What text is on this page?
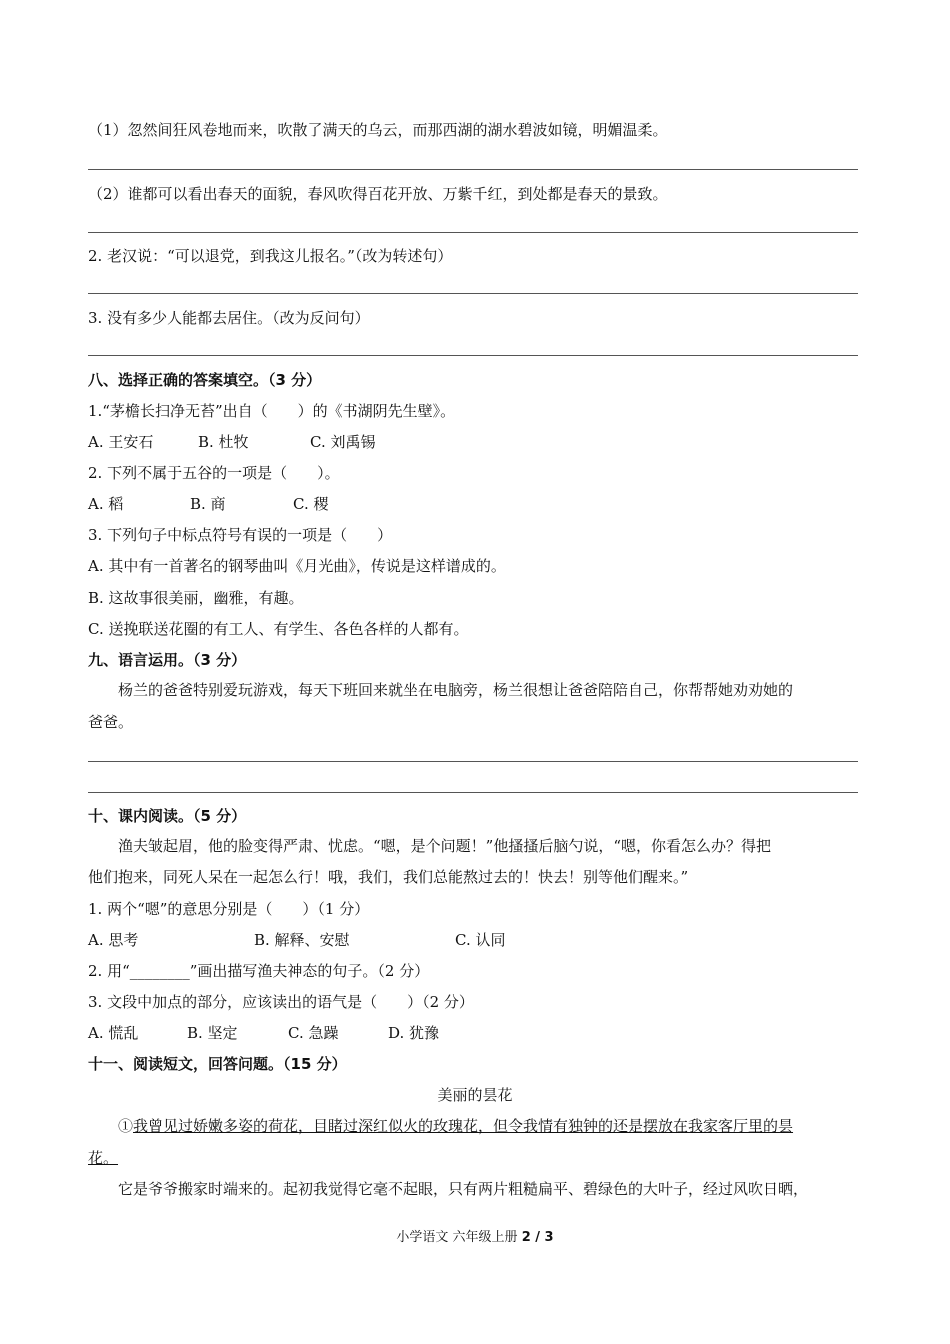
（1）忽然间狂风卷地而来，吹散了满天的乌云，而那西湖的湖水碧波如镜，明媚温柔。
（2）谁都可以看出春天的面貌，春风吹得百花开放、万紫千红，到处都是春天的景致。
2. 老汉说：“可以退党，到我这儿报名。”（改为转述句）
3. 没有多少人能都去居住。（改为反问句）
八、选择正确的答案填空。（3 分）
1.“茅檐长扫净无苔”出自（　　）的《书湖阴先生壁》。
A. 王安石	B. 杜牧	C. 刘禹锡
2. 下列不属于五谷的一项是（　　）。
A. 稻	B. 商	C. 稷
3. 下列句子中标点符号有误的一项是（　　）
A. 其中有一首著名的钢琴曲叫《月光曲》，传说是这样谱成的。
B. 这故事很美丽，幽雅，有趣。
C. 送挽联送花圈的有工人、有学生、各色各样的人都有。
九、语言运用。（3 分）
杨兰的爸爸特别爱玩游戏，每天下班回来就坐在电脑旁，杨兰很想让爸爸陪陪自己，你帮帮她劝劝她的
爸爸。
十、课内阅读。（5 分）
渔夫皱起眉，他的脸变得严肃、忧虑。“嗯，是个问题！”他搔搔后脑勺说，“嗯，你看怎么办？得把
他们抱来，同死人呆在一起怎么行！哦，我们，我们总能熬过去的！快去！别等他们醒来。”
1. 两个“嗯”的意思分别是（　　）（1 分）
A. 思考	B. 解释、安慰	C. 认同
2. 用“________”画出描写渔夫神态的句子。（2 分）
3. 文段中加点的部分，应该读出的语气是（　　）（2 分）
A. 慌乱	B. 坚定	C. 急躁	D. 犹豫
十一、阅读短文，回答问题。（15 分）
美丽的昙花
①我曾见过娇嫩多姿的荷花，目睹过深红似火的玫瑰花，但令我情有独钟的还是摆放在我家客厅里的昙
花。
它是爷爷搬家时端来的。起初我觉得它毫不起眼，只有两片粗糙扁平、碧绿色的大叶子，经过风吹日晒，
小学语文 六年级上册 2 / 3
